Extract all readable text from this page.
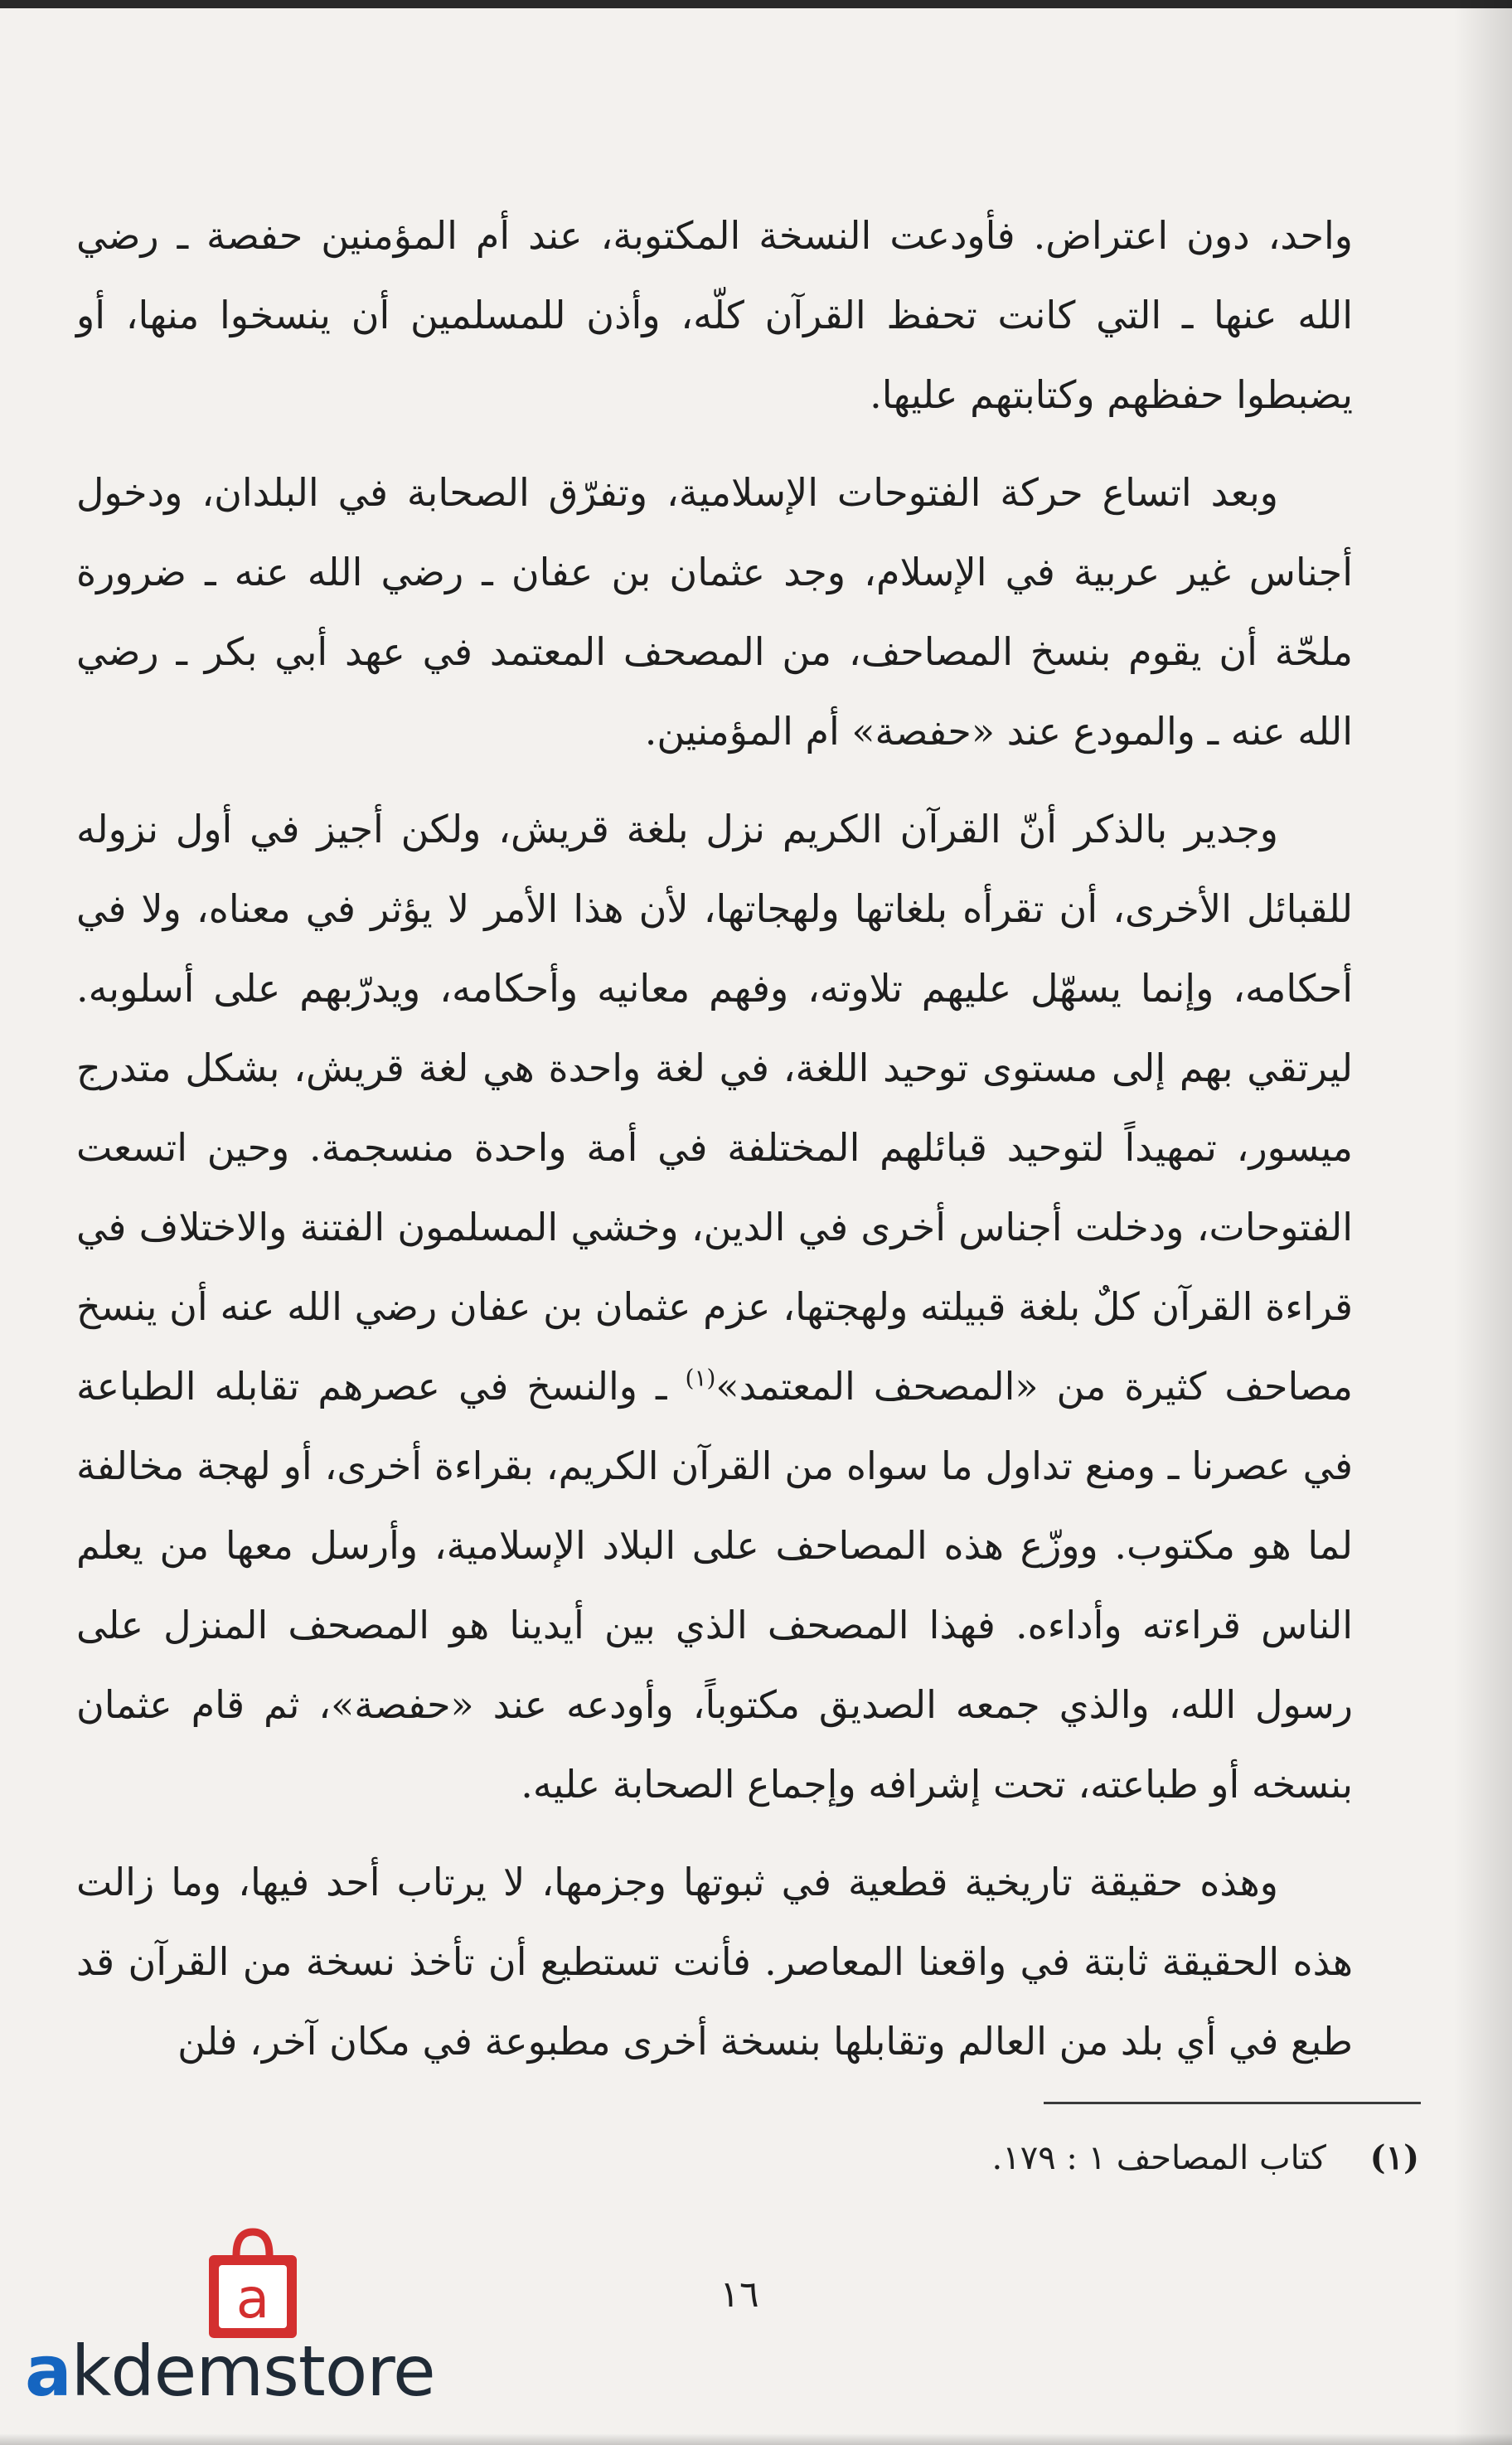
واحد، دون اعتراض. فأودعت النسخة المكتوبة، عند أم المؤمنين حفصة ـ رضي الله عنها ـ التي كانت تحفظ القرآن كلّه، وأذن للمسلمين أن ينسخوا منها، أو يضبطوا حفظهم وكتابتهم عليها.

وبعد اتساع حركة الفتوحات الإسلامية، وتفرّق الصحابة في البلدان، ودخول أجناس غير عربية في الإسلام، وجد عثمان بن عفان ـ رضي الله عنه ـ ضرورة ملحّة أن يقوم بنسخ المصاحف، من المصحف المعتمد في عهد أبي بكر ـ رضي الله عنه ـ والمودع عند «حفصة» أم المؤمنين.

وجدير بالذكر أنّ القرآن الكريم نزل بلغة قريش، ولكن أجيز في أول نزوله للقبائل الأخرى، أن تقرأه بلغاتها ولهجاتها، لأن هذا الأمر لا يؤثر في معناه، ولا في أحكامه، وإنما يسهّل عليهم تلاوته، وفهم معانيه وأحكامه، ويدرّبهم على أسلوبه. ليرتقي بهم إلى مستوى توحيد اللغة، في لغة واحدة هي لغة قريش، بشكل متدرج ميسور، تمهيداً لتوحيد قبائلهم المختلفة في أمة واحدة منسجمة. وحين اتسعت الفتوحات، ودخلت أجناس أخرى في الدين، وخشي المسلمون الفتنة والاختلاف في قراءة القرآن كلٌ بلغة قبيلته ولهجتها، عزم عثمان بن عفان رضي الله عنه أن ينسخ مصاحف كثيرة من «المصحف المعتمد»$^{(١)}$ ـ والنسخ في عصرهم تقابله الطباعة في عصرنا ـ ومنع تداول ما سواه من القرآن الكريم، بقراءة أخرى، أو لهجة مخالفة لما هو مكتوب. ووزّع هذه المصاحف على البلاد الإسلامية، وأرسل معها من يعلم الناس قراءته وأداءه. فهذا المصحف الذي بين أيدينا هو المصحف المنزل على رسول الله، والذي جمعه الصديق مكتوباً، وأودعه عند «حفصة»، ثم قام عثمان بنسخه أو طباعته، تحت إشرافه وإجماع الصحابة عليه.

وهذه حقيقة تاريخية قطعية في ثبوتها وجزمها، لا يرتاب أحد فيها، وما زالت هذه الحقيقة ثابتة في واقعنا المعاصر. فأنت تستطيع أن تأخذ نسخة من القرآن قد طبع في أي بلد من العالم وتقابلها بنسخة أخرى مطبوعة في مكان آخر، فلن

(١) كتاب المصاحف ١ : ١٧٩.
١٦
a
akdemstore
